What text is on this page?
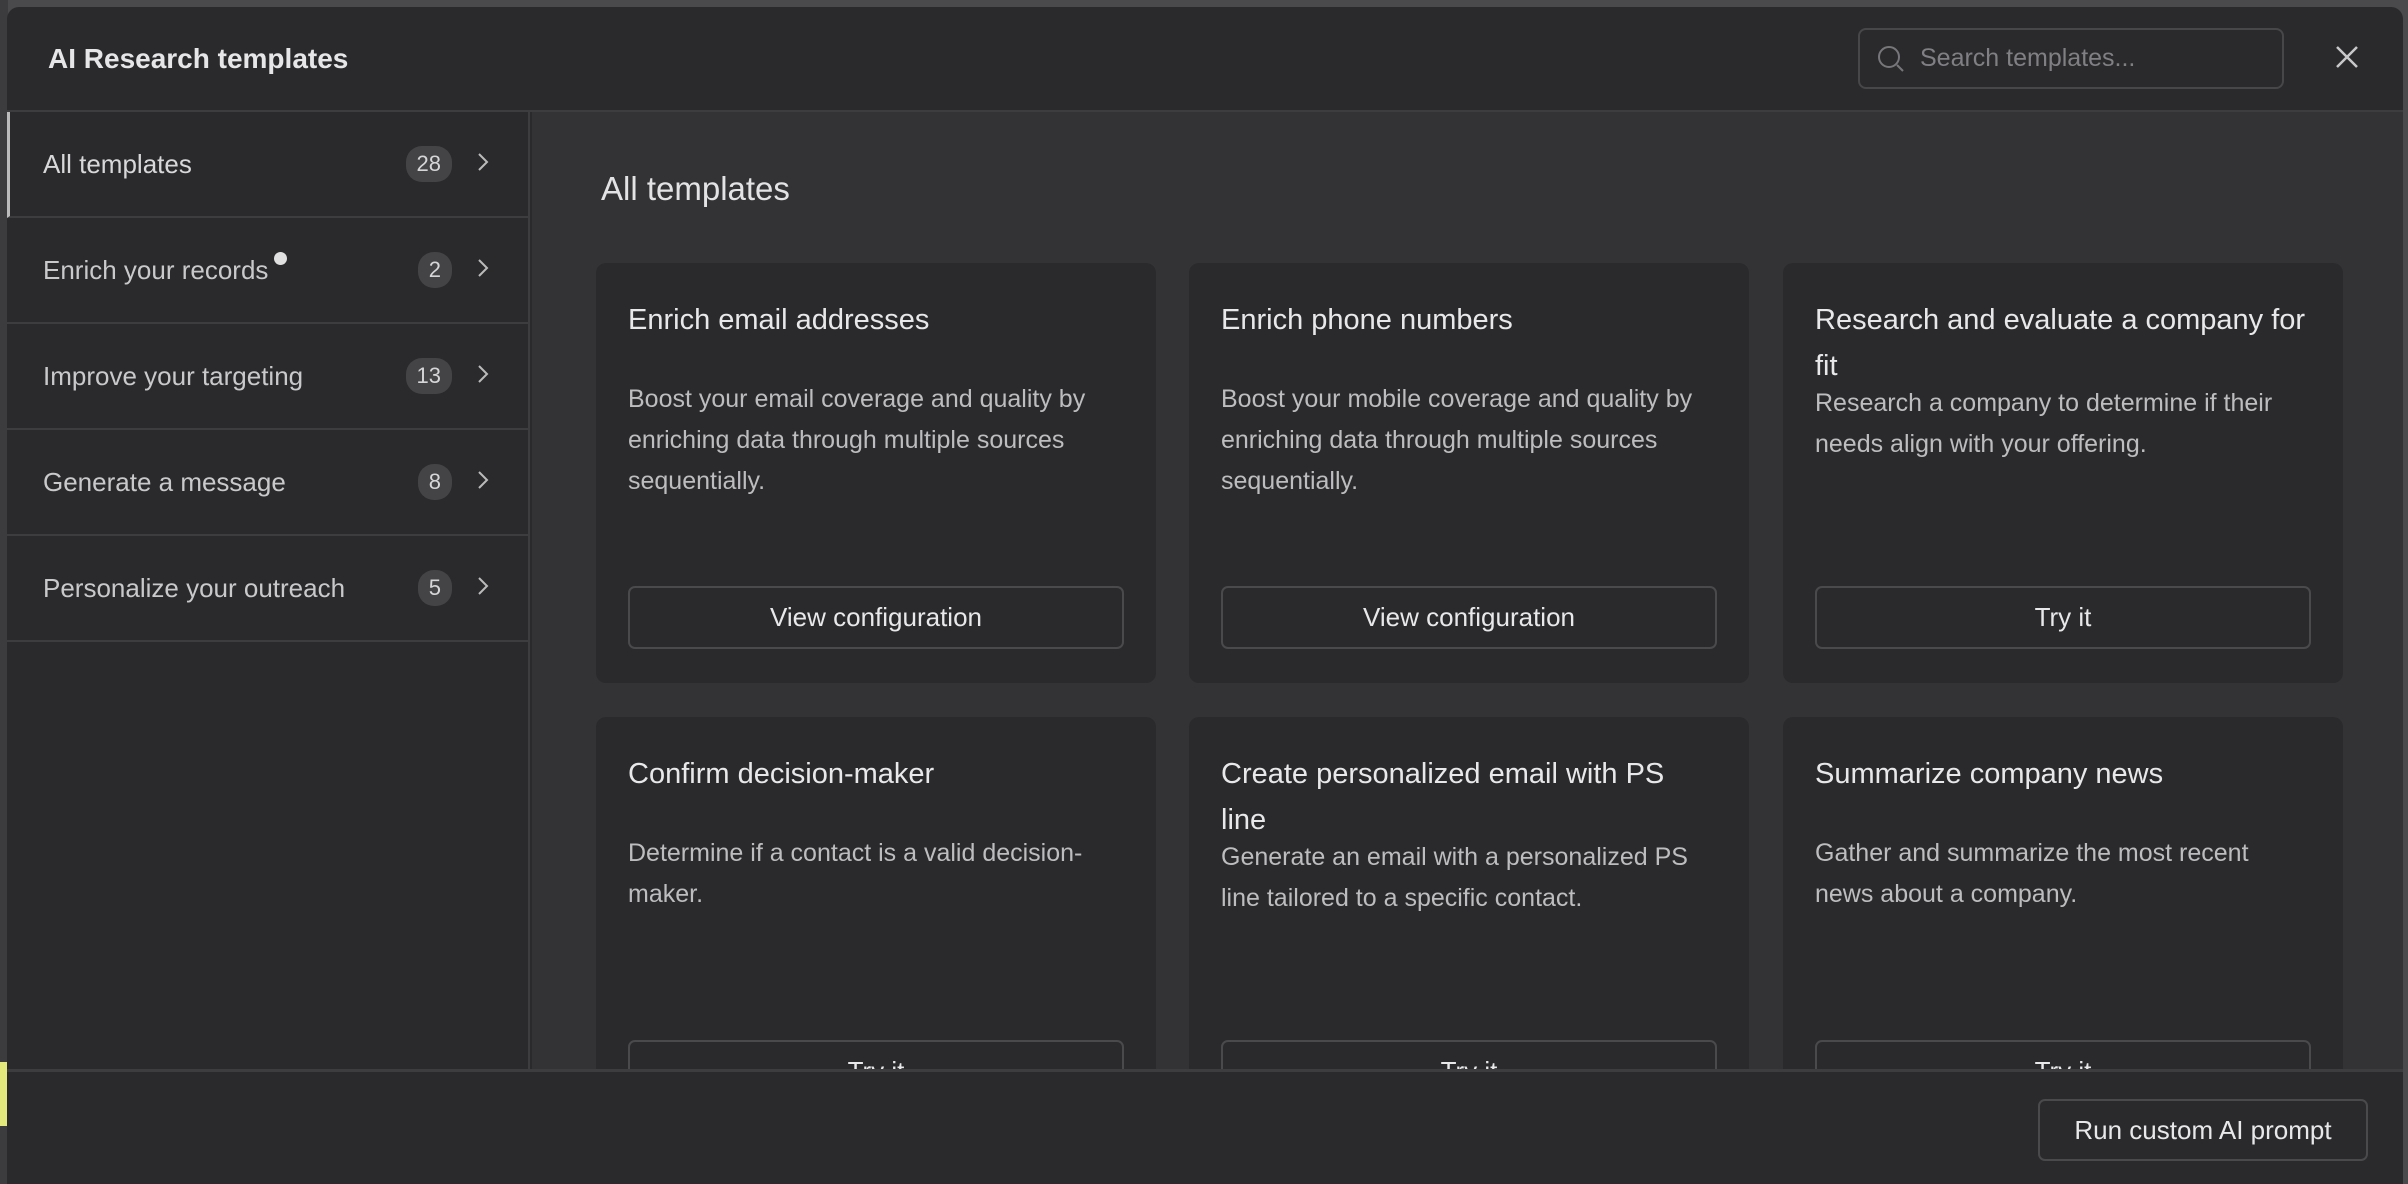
AI Research templates
Search templates...
All templates	28
Enrich your records	2
Improve your targeting	13
Generate a message	8
Personalize your outreach	5
All templates
Enrich email addresses
Boost your email coverage and quality by enriching data through multiple sources sequentially.
View configuration
Enrich phone numbers
Boost your mobile coverage and quality by enriching data through multiple sources sequentially.
View configuration
Research and evaluate a company for fit
Research a company to determine if their needs align with your offering.
Try it
Confirm decision-maker
Determine if a contact is a valid decision-maker.
Create personalized email with PS line
Generate an email with a personalized PS line tailored to a specific contact.
Summarize company news
Gather and summarize the most recent news about a company.
Run custom AI prompt
